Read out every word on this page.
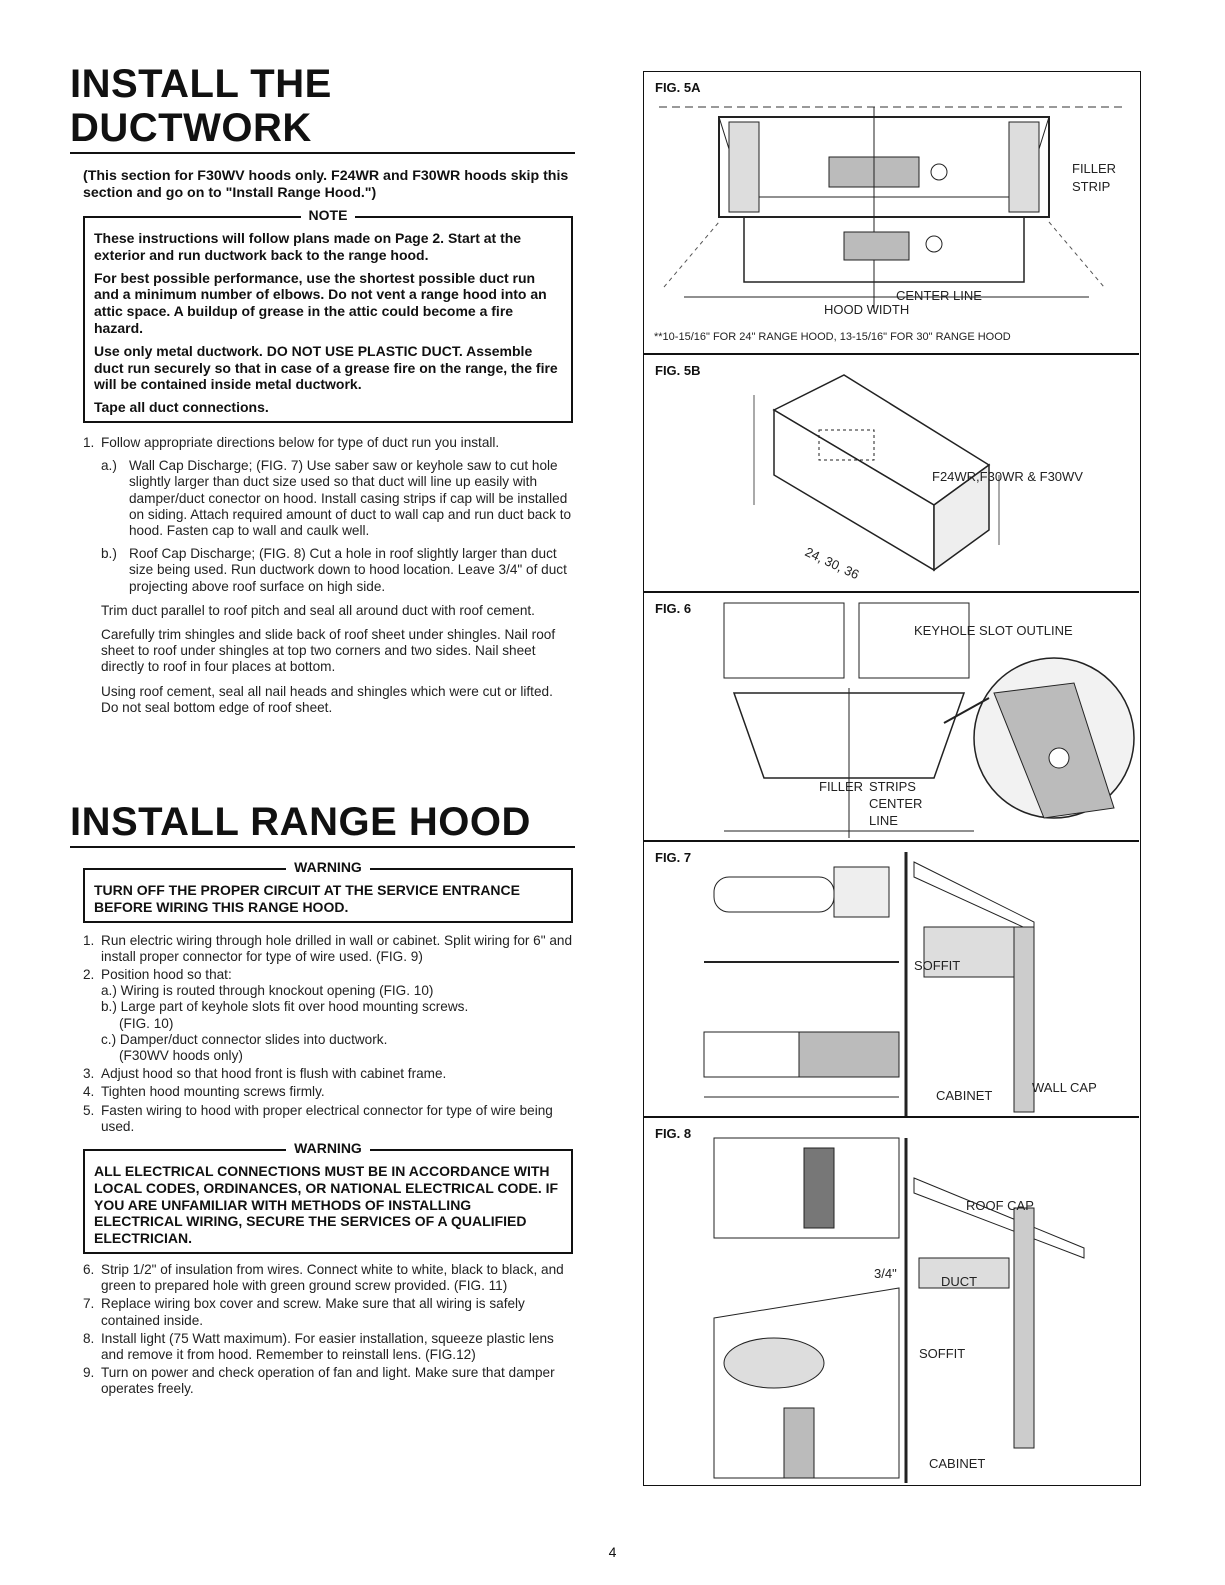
INSTALL THE DUCTWORK

(This section for F30WV hoods only. F24WR and F30WR hoods skip this section and go on to "Install Range Hood.")

NOTE

These instructions will follow plans made on Page 2. Start at the exterior and run ductwork back to the range hood.

For best possible performance, use the shortest possible duct run and a minimum number of elbows. Do not vent a range hood into an attic space. A buildup of grease in the attic could become a fire hazard.

Use only metal ductwork. DO NOT USE PLASTIC DUCT. Assemble duct run securely so that in case of a grease fire on the range, the fire will be contained inside metal ductwork.

Tape all duct connections.

1. Follow appropriate directions below for type of duct run you install.
a.) Wall Cap Discharge; (FIG. 7) Use saber saw or keyhole saw to cut hole slightly larger than duct size used so that duct will line up easily with damper/duct conector on hood. Install casing strips if cap will be installed on siding. Attach required amount of duct to wall cap and run duct back to hood. Fasten cap to wall and caulk well.
b.) Roof Cap Discharge; (FIG. 8) Cut a hole in roof slightly larger than duct size being used. Run ductwork down to hood location. Leave 3/4" of duct projecting above roof surface on high side.

Trim duct parallel to roof pitch and seal all around duct with roof cement.

Carefully trim shingles and slide back of roof sheet under shingles. Nail roof sheet to roof under shingles at top two corners and two sides. Nail sheet directly to roof in four places at bottom.

Using roof cement, seal all nail heads and shingles which were cut or lifted. Do not seal bottom edge of roof sheet.

INSTALL RANGE HOOD
WARNING

TURN OFF THE PROPER CIRCUIT AT THE SERVICE ENTRANCE BEFORE WIRING THIS RANGE HOOD.

1. Run electric wiring through hole drilled in wall or cabinet. Split wiring for 6" and install proper connector for type of wire used. (FIG. 9)
2. Position hood so that:
a.) Wiring is routed through knockout opening (FIG. 10)
b.) Large part of keyhole slots fit over hood mounting screws.
(FIG. 10)
c.) Damper/duct connector slides into ductwork.
(F30WV hoods only)
3. Adjust hood so that hood front is flush with cabinet frame.
4. Tighten hood mounting screws firmly.
5. Fasten wiring to hood with proper electrical connector for type of wire being used.
WARNING

ALL ELECTRICAL CONNECTIONS MUST BE IN ACCORDANCE WITH LOCAL CODES, ORDINANCES, OR NATIONAL ELECTRICAL CODE. IF YOU ARE UNFAMILIAR WITH METHODS OF INSTALLING ELECTRICAL WIRING, SECURE THE SERVICES OF A QUALIFIED ELECTRICIAN.

6. Strip 1/2" of insulation from wires. Connect white to white, black to black, and green to prepared hole with green ground screw provided. (FIG. 11)
7. Replace wiring box cover and screw. Make sure that all wiring is safely contained inside.
8. Install light (75 Watt maximum). For easier installation, squeeze plastic lens and remove it from hood. Remember to reinstall lens. (FIG.12)
9. Turn on power and check operation of fan and light. Make sure that damper operates freely.
FILLER
STRIP
CENTER LINE
HOOD WIDTH
**10-15/16" FOR 24" RANGE HOOD, 13-15/16" FOR 30" RANGE HOOD
FIG. 5A
F24WR,F30WR & F30WV
24, 30, 36
FIG. 5B
KEYHOLE SLOT OUTLINE
FILLER STRIPS
CENTER
LINE
FIG. 6
SOFFIT
WALL CAP
CABINET
FIG. 7
ROOF CAP
DUCT
3/4"
SOFFIT
CABINET
FIG. 8
4
